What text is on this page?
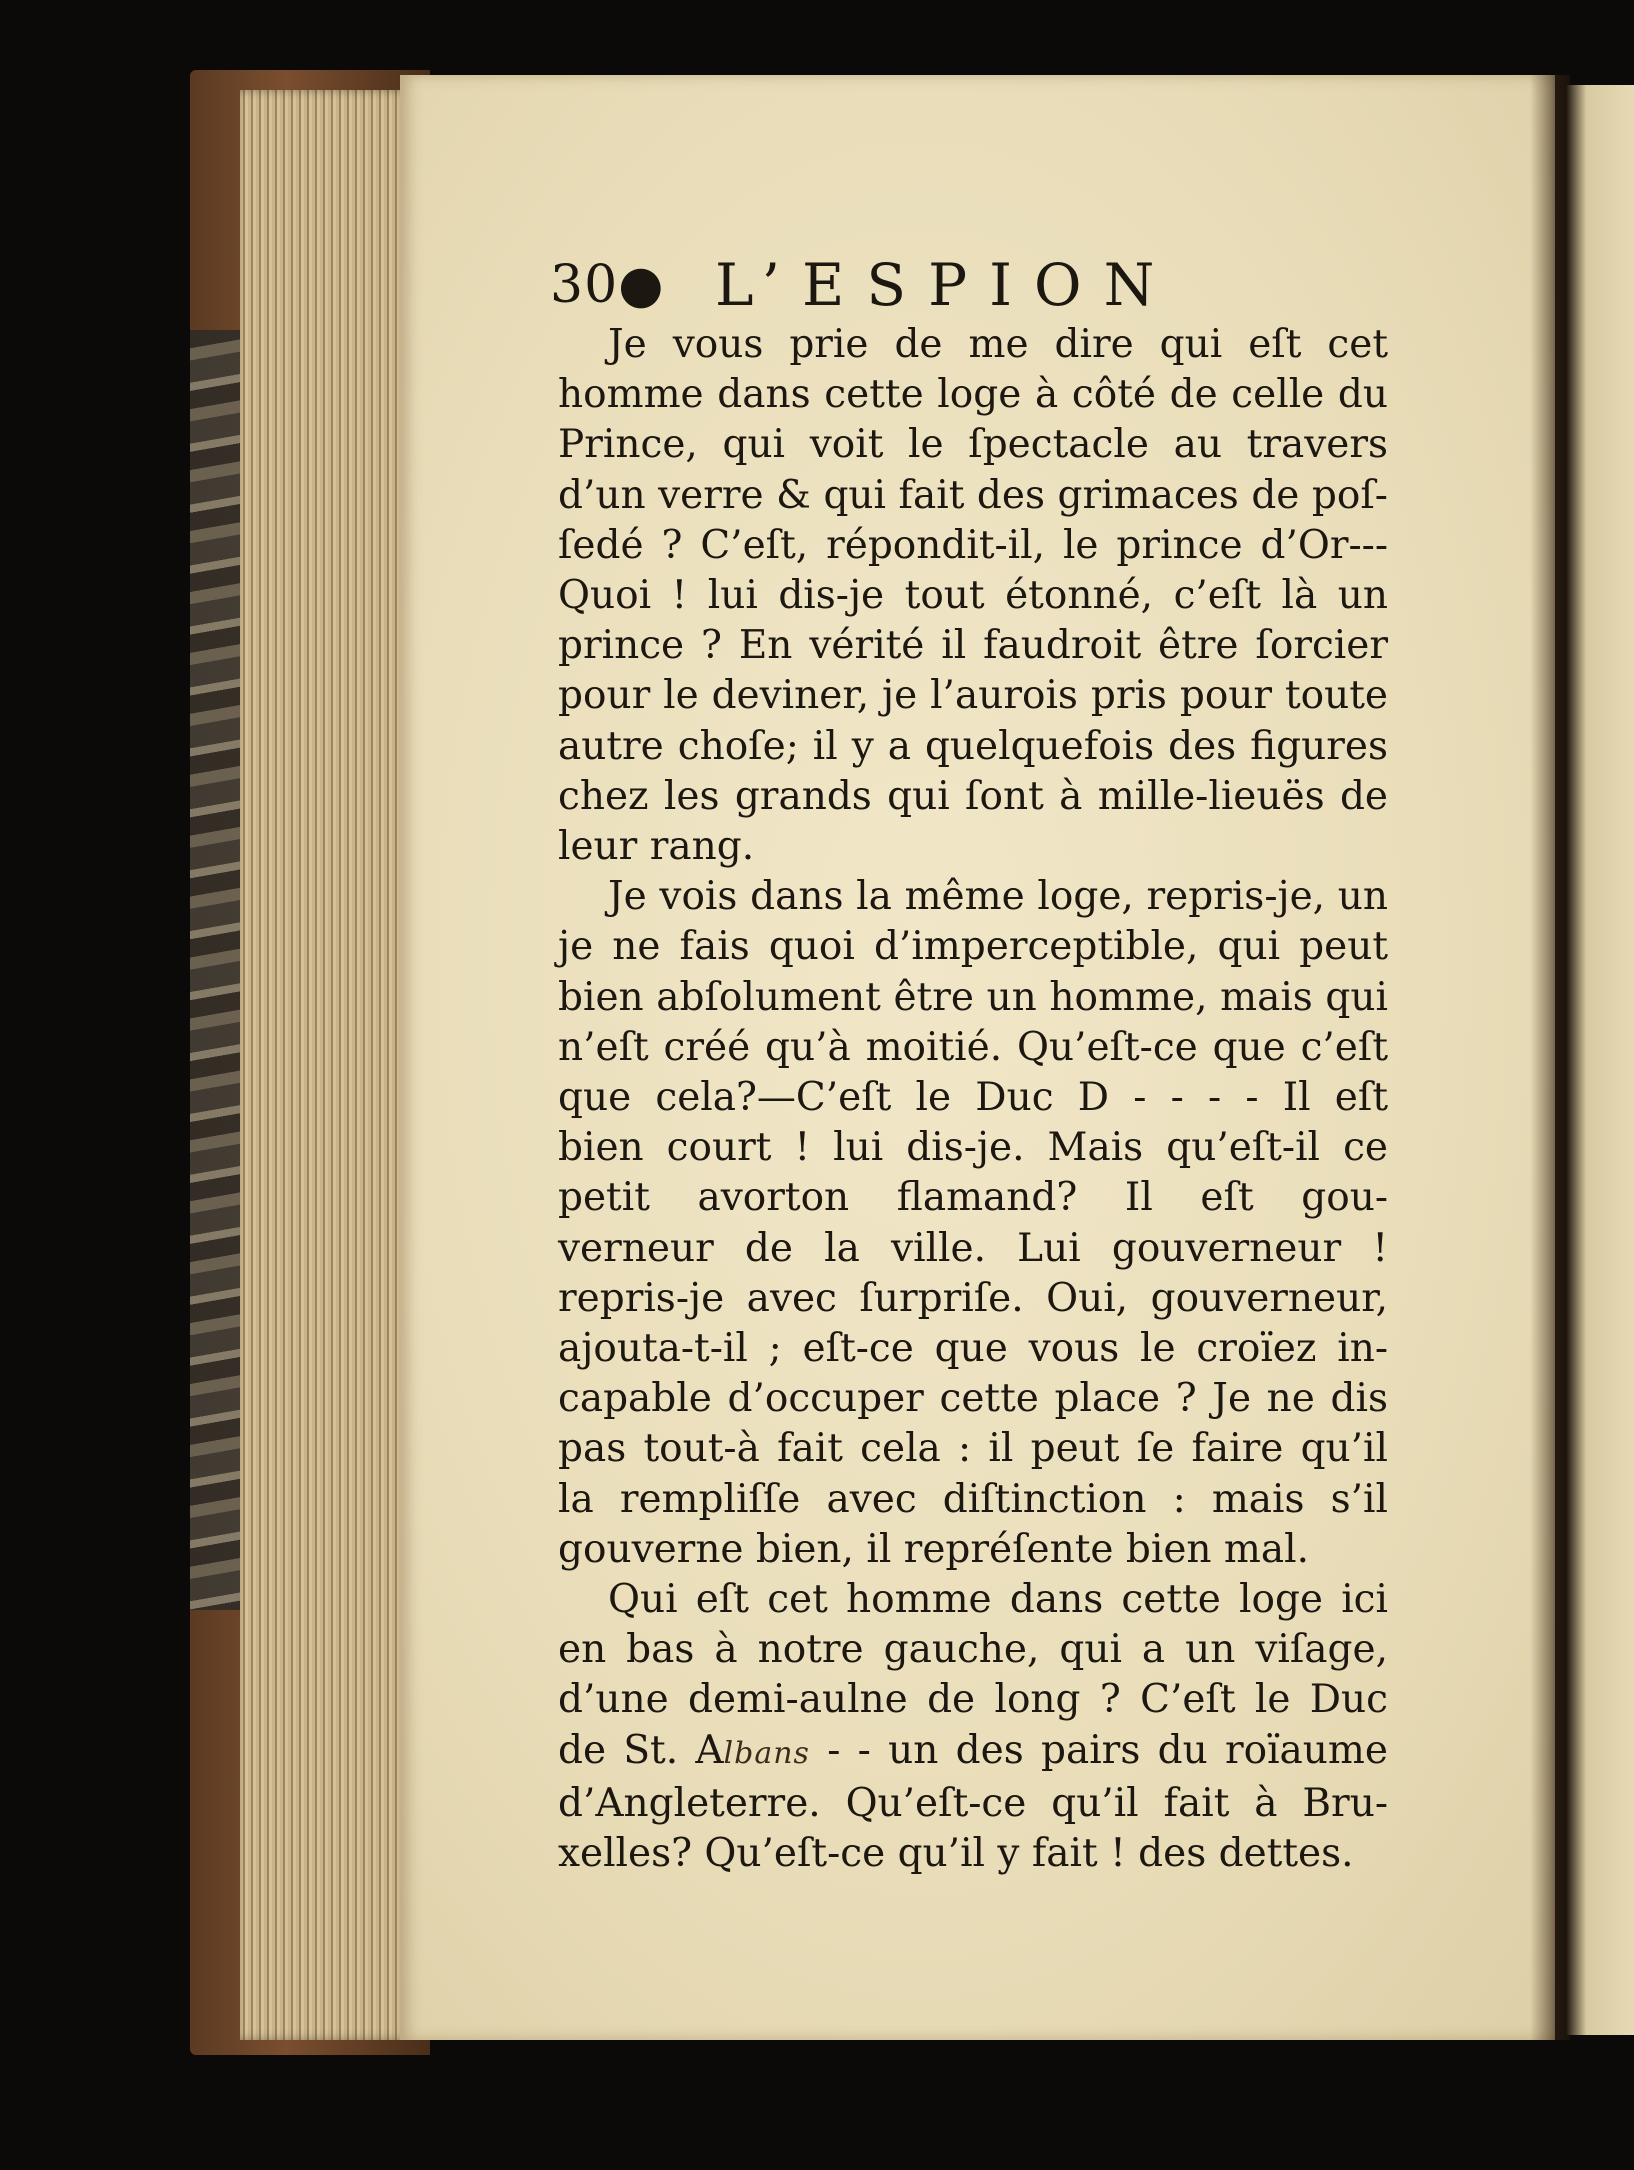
30● L’ESPION
Je vous prie de me dire qui eſt cet
homme dans cette loge à côté de celle du
Prince, qui voit le ſpectacle au travers
d’un verre & qui fait des grimaces de poſ-
ſedé ? C’eſt, répondit-il, le prince d’Or---
Quoi ! lui dis-je tout étonné, c’eſt là un
prince ? En vérité il faudroit être ſorcier
pour le deviner, je l’aurois pris pour toute
autre choſe; il y a quelquefois des figures
chez les grands qui ſont à mille-lieuës de
leur rang.
Je vois dans la même loge, repris-je, un
je ne fais quoi d’imperceptible, qui peut
bien abſolument être un homme, mais qui
n’eſt créé qu’à moitié. Qu’eſt-ce que c’eſt
que cela?—C’eſt le Duc D - - - - Il eſt
bien court ! lui dis-je. Mais qu’eſt-il ce
petit avorton flamand? Il eſt gou-
verneur de la ville. Lui gouverneur !
repris-je avec ſurpriſe. Oui, gouverneur,
ajouta-t-il ; eſt-ce que vous le croïez in-
capable d’occuper cette place ? Je ne dis
pas tout-à fait cela : il peut ſe faire qu’il
la rempliſſe avec diſtinction : mais s’il
gouverne bien, il repréſente bien mal.
Qui eſt cet homme dans cette loge ici
en bas à notre gauche, qui a un viſage,
d’une demi-aulne de long ? C’eſt le Duc
de St. Albans - - un des pairs du roïaume
d’Angleterre. Qu’eſt-ce qu’il fait à Bru-
xelles? Qu’eſt-ce qu’il y fait ! des dettes.
